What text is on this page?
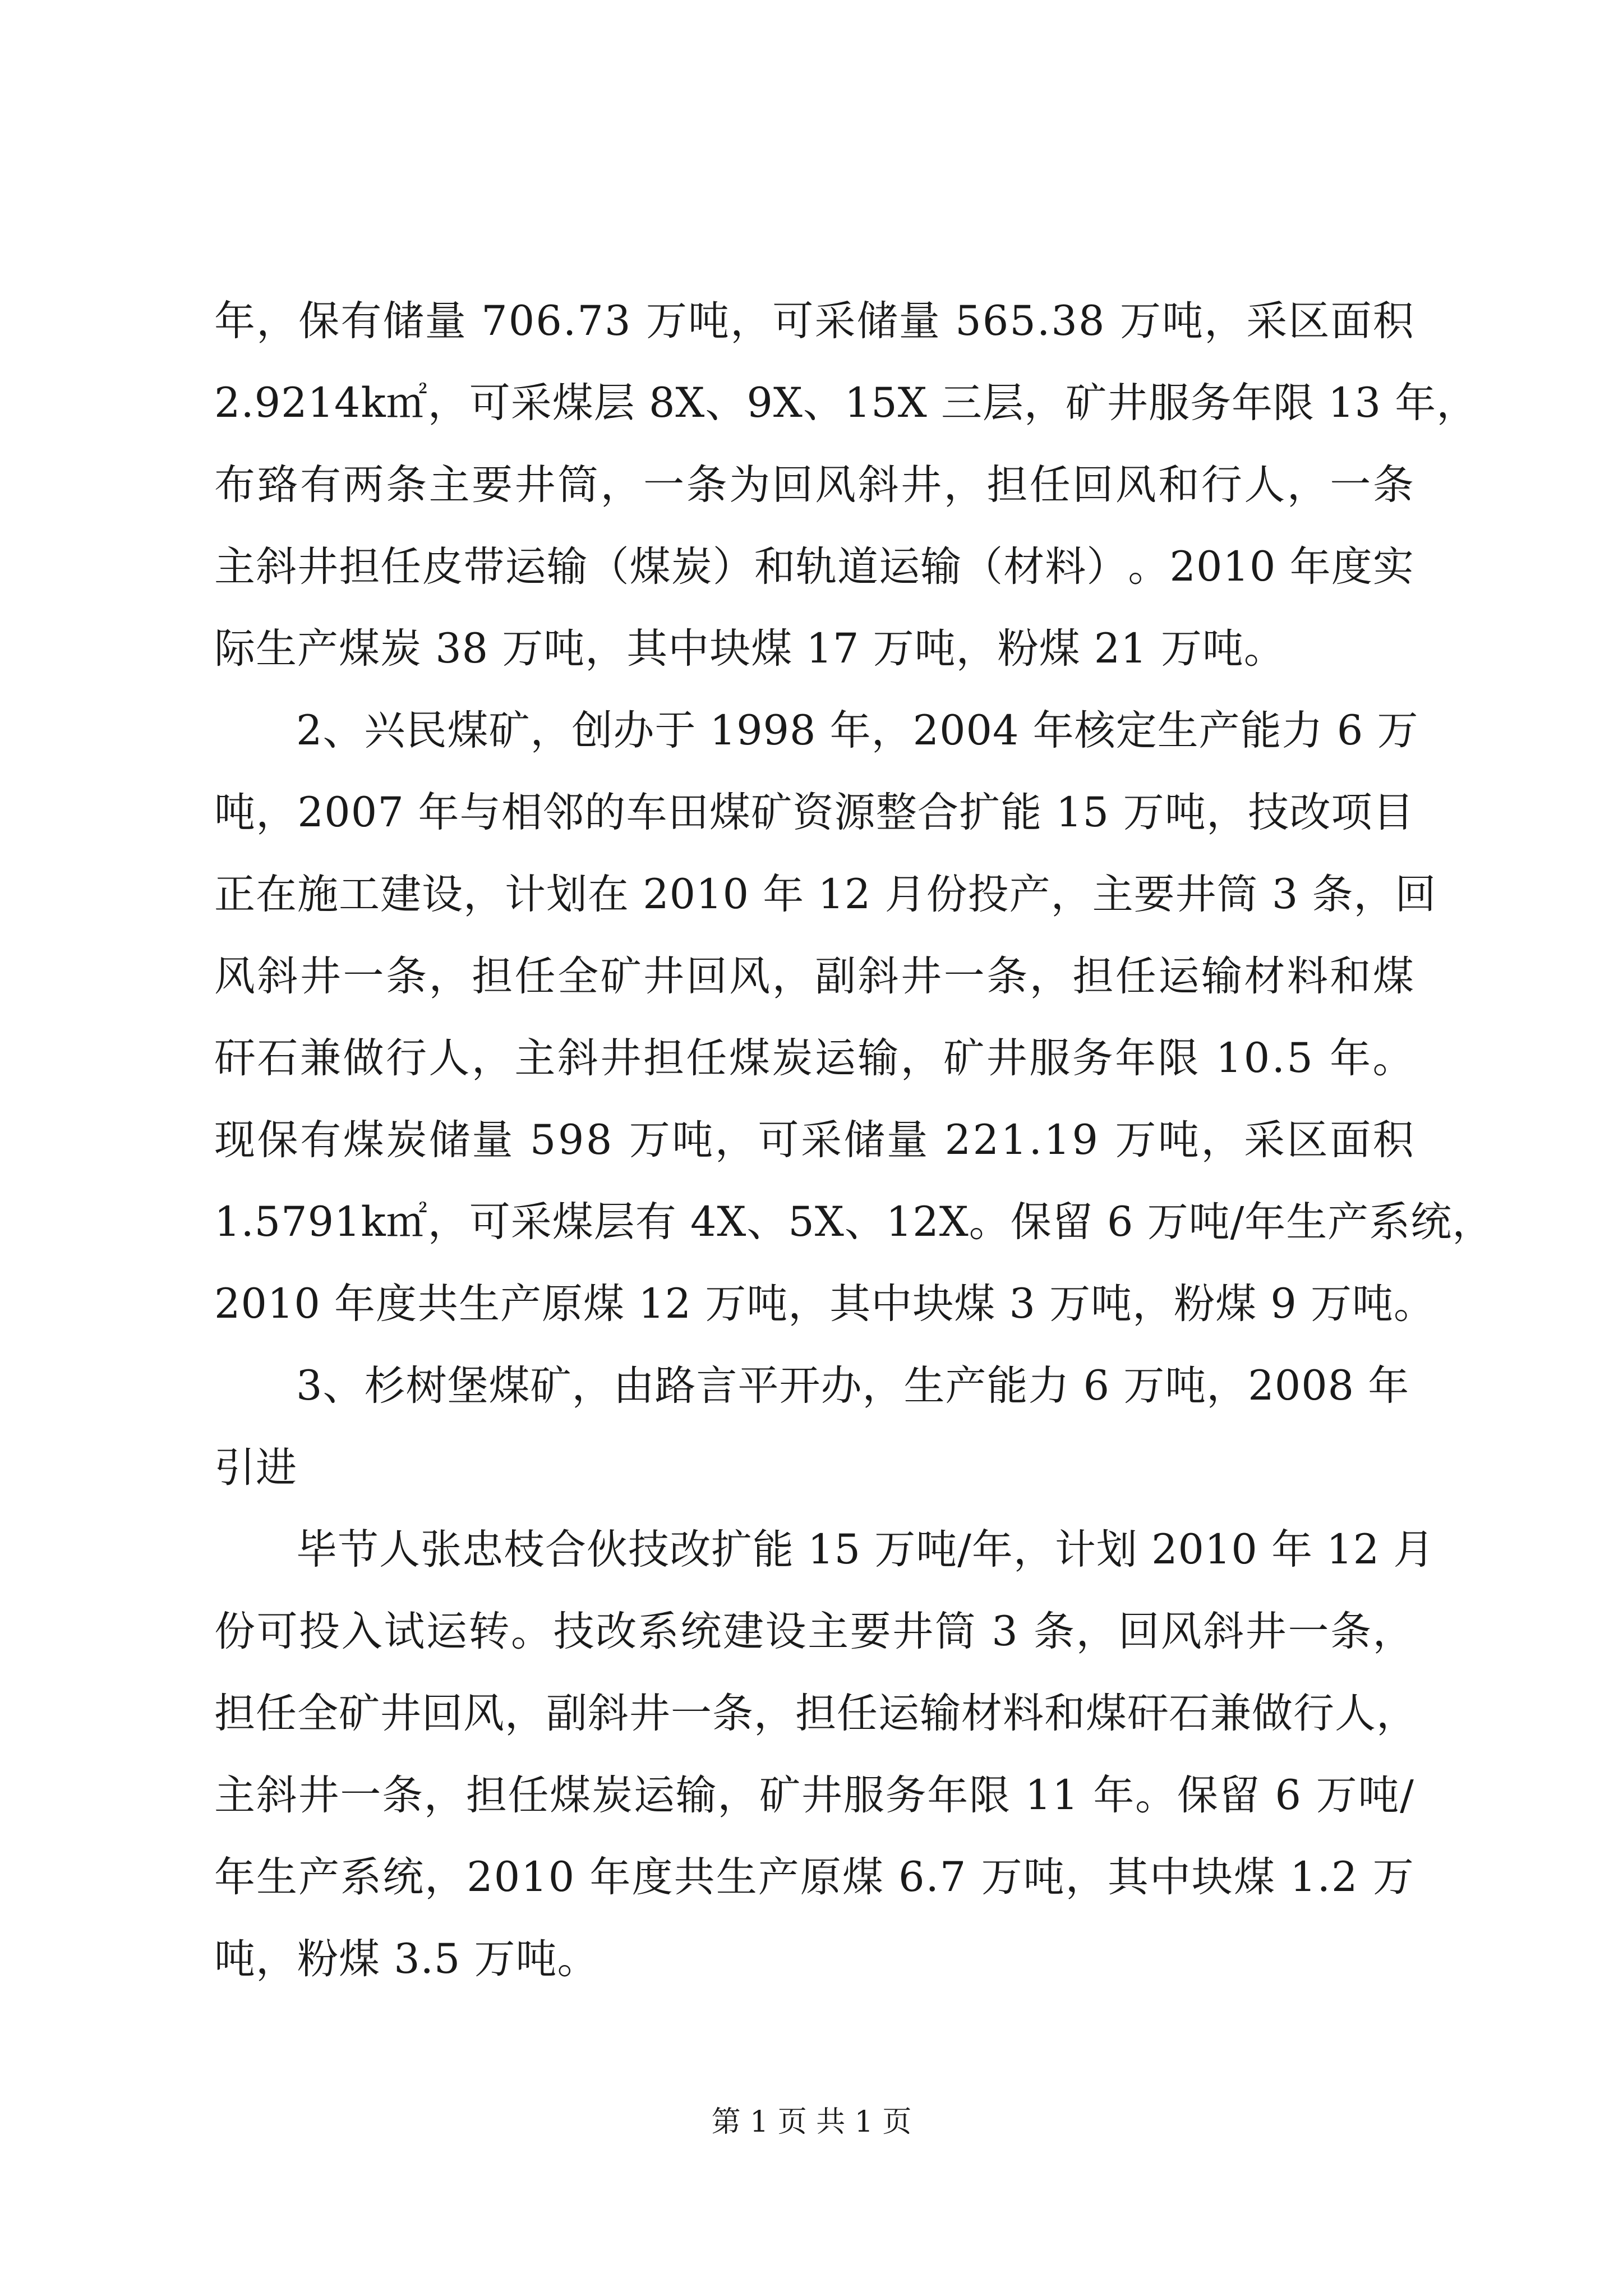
年 ， 保 有 储 量
7 0 6 . 7 3
万 吨 ， 可 采 储 量
5 6 5 . 3 8
万 吨 ， 采 区 面 积
2 . 9 2 1 4 k ㎡ ， 可 采 煤 层
8 X 、 9 X 、 1 5 X
三 层 ， 矿 井 服 务 年 限
1 3
年 ，
布 臵 有 两 条 主 要 井 筒 ， 一 条 为 回 风 斜 井 ， 担 任 回 风 和 行 人 ， 一 条
主 斜 井 担 任 皮 带 运 输 （ 煤 炭 ） 和 轨 道 运 输 （ 材 料 ） 。 2 0 1 0
年 度 实
际生产煤炭 38 万吨，其中块煤 17 万吨，粉煤 21 万吨。
2、兴民煤矿，创办于 1998 年，2004 年核定生产能力 6 万
吨 ， 2 0 0 7
年 与 相 邻 的 车 田 煤 矿 资 源 整 合 扩 能
1 5
万 吨 ， 技 改 项 目
正 在 施 工 建 设 ， 计 划 在
2 0 1 0
年
1 2
月 份 投 产 ， 主 要 井 筒
3
条 ， 回
风 斜 井 一 条 ， 担 任 全 矿 井 回 风 ， 副 斜 井 一 条 ， 担 任 运 输 材 料 和 煤
矸 石 兼 做 行 人 ， 主 斜 井 担 任 煤 炭 运 输 ， 矿 井 服 务 年 限
1 0 . 5
年 。
现 保 有 煤 炭 储 量
5 9 8
万 吨 ， 可 采 储 量
2 2 1 . 1 9
万 吨 ， 采 区 面 积
1 . 5 7 9 1 k ㎡ ， 可 采 煤 层 有
4 X 、 5 X 、 1 2 X 。 保 留
6
万 吨 / 年 生 产 系 统 ，
2010 年度共生产原煤 12 万吨，其中块煤 3 万吨，粉煤 9 万吨。
3、杉树堡煤矿，由路言平开办，生产能力 6 万吨，2008 年
引进
毕节人张忠枝合伙技改扩能 15 万吨/年，计划 2010 年 12 月
份 可 投 入 试 运 转 。 技 改 系 统 建 设 主 要 井 筒
3
条 ， 回 风 斜 井 一 条 ，
担 任 全 矿 井 回 风 ， 副 斜 井 一 条 ， 担 任 运 输 材 料 和 煤 矸 石 兼 做 行 人 ，
主 斜 井 一 条 ， 担 任 煤 炭 运 输 ， 矿 井 服 务 年 限
1 1
年 。 保 留
6
万 吨 /
年 生 产 系 统 ， 2 0 1 0
年 度 共 生 产 原 煤
6 . 7
万 吨 ， 其 中 块 煤
1 . 2
万
吨，粉煤 3.5 万吨。
第 1 页 共 1 页
